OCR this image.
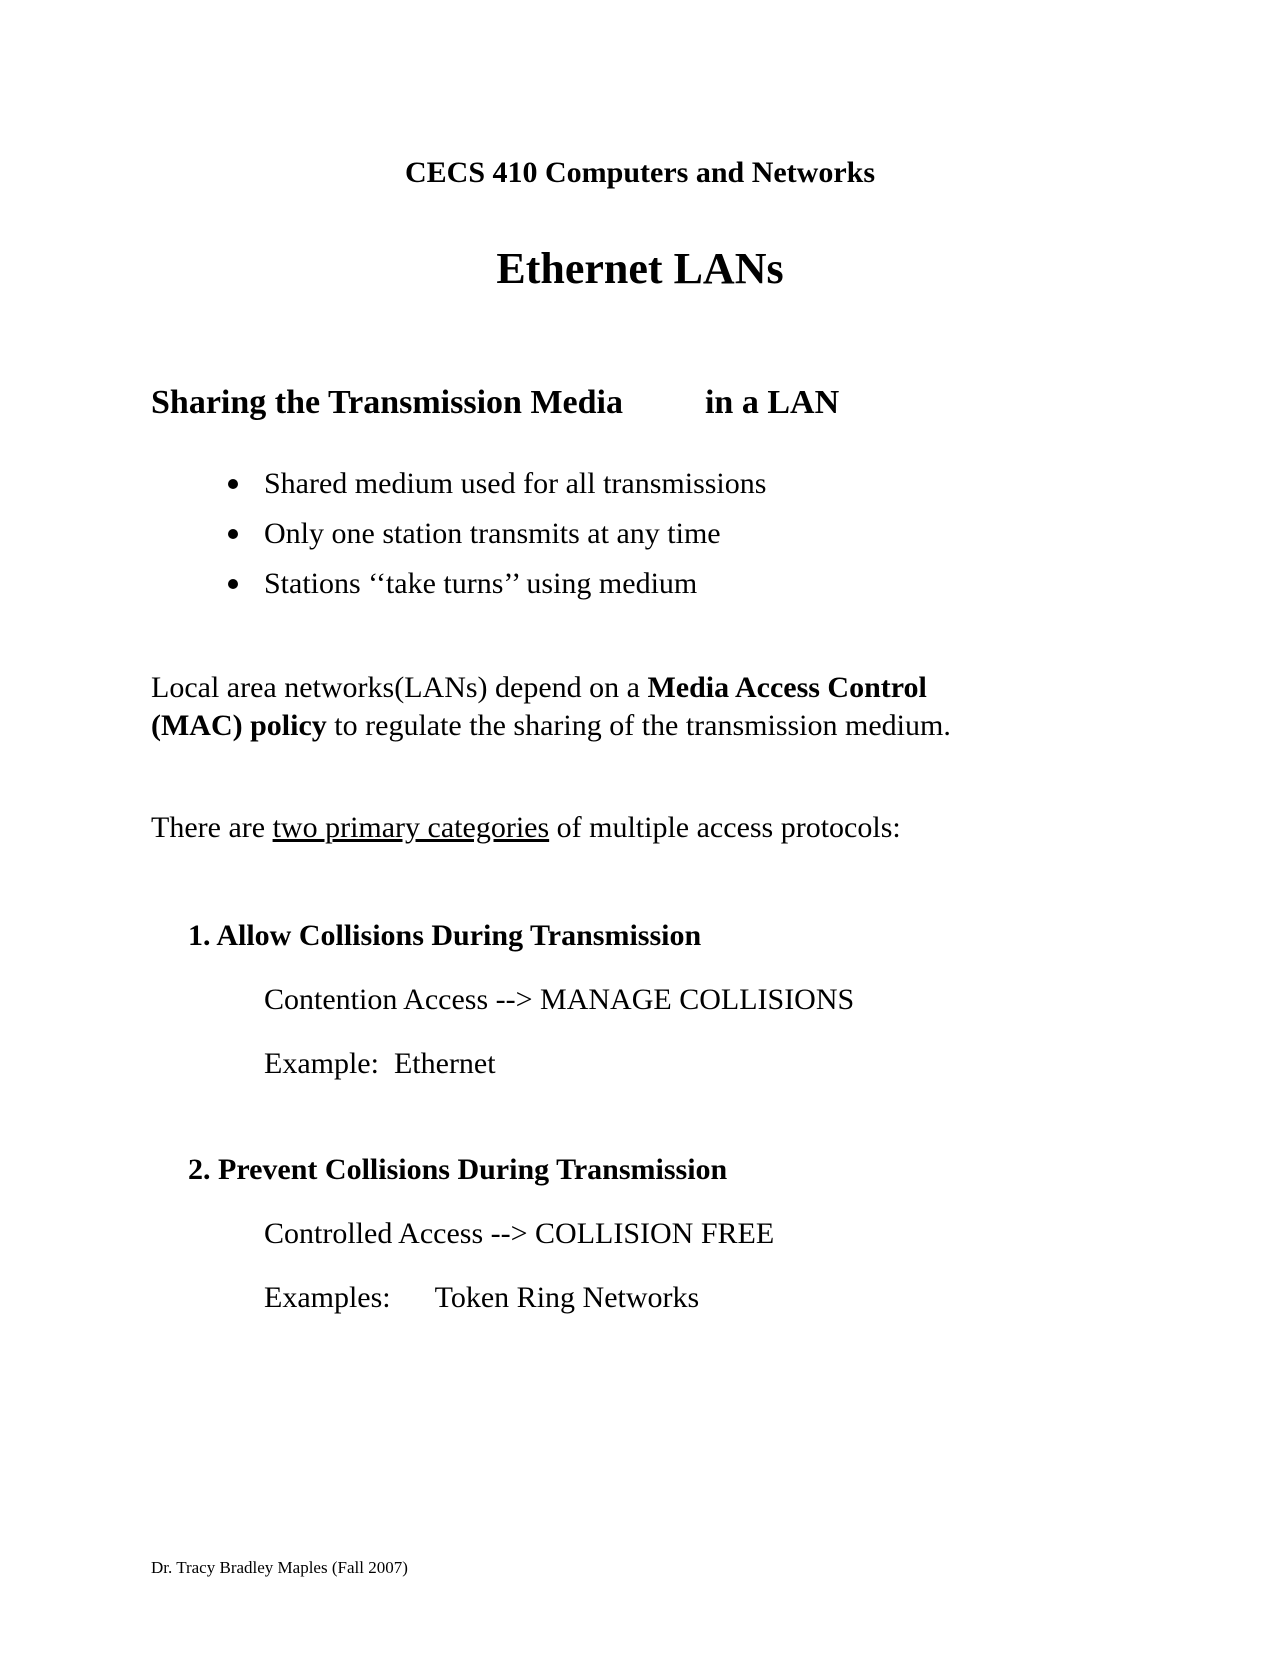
CECS 410 Computers and Networks
Ethernet LANs
Sharing the Transmission Media in a LAN
Shared medium used for all transmissions
Only one station transmits at any time
Stations ‘‘take turns’’ using medium
Local area networks(LANs) depend on a Media Access Control
(MAC) policy to regulate the sharing of the transmission medium.
There are two primary categories of multiple access protocols:
1. Allow Collisions During Transmission
Contention Access --> MANAGE COLLISIONS
Example: Ethernet
2. Prevent Collisions During Transmission
Controlled Access --> COLLISION FREE
Examples: Token Ring Networks
Dr. Tracy Bradley Maples (Fall 2007)
